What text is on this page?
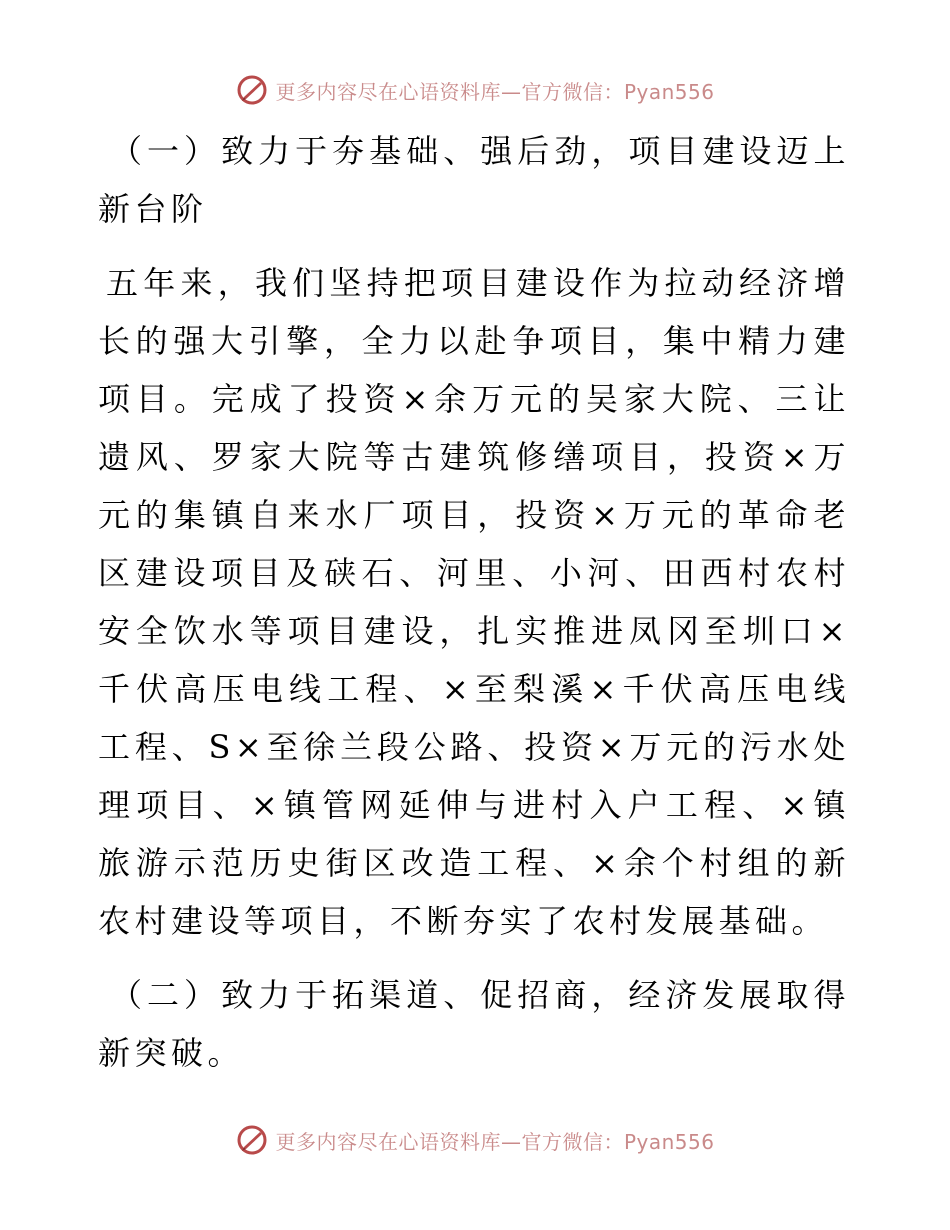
更多内容尽在心语资料库—官方微信：Pyan556

（一）致力于夯基础、强后劲，项目建设迈上新台阶

五年来，我们坚持把项目建设作为拉动经济增长的强大引擎，全力以赴争项目，集中精力建项目。完成了投资×余万元的吴家大院、三让遗风、罗家大院等古建筑修缮项目，投资×万元的集镇自来水厂项目，投资×万元的革命老区建设项目及硖石、河里、小河、田西村农村安全饮水等项目建设，扎实推进凤冈至圳口×千伏高压电线工程、×至梨溪×千伏高压电线工程、S×至徐兰段公路、投资×万元的污水处理项目、×镇管网延伸与进村入户工程、×镇旅游示范历史街区改造工程、×余个村组的新农村建设等项目，不断夯实了农村发展基础。

（二）致力于拓渠道、促招商，经济发展取得新突破。

更多内容尽在心语资料库—官方微信：Pyan556
